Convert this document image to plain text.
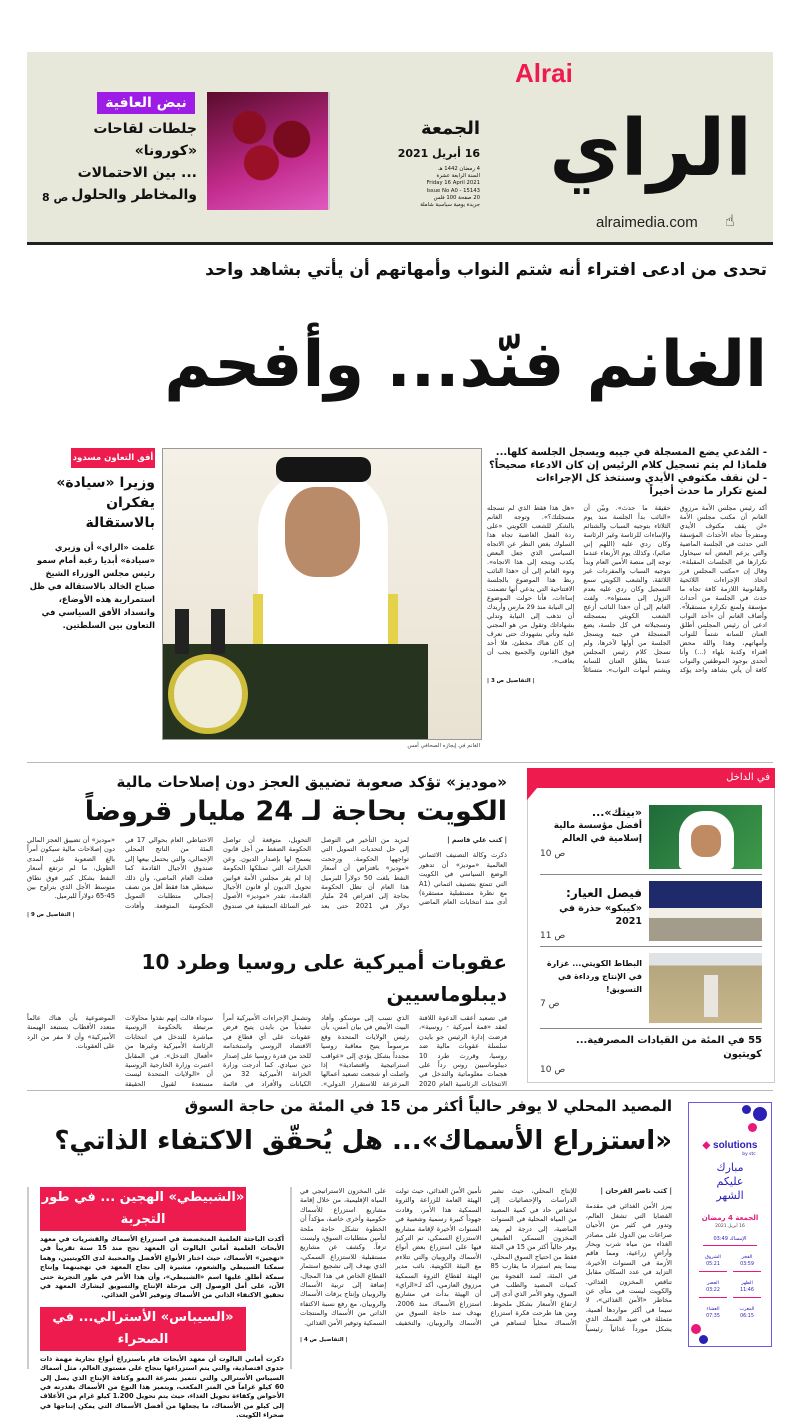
Alrai
الراي
alraimedia.com ☝
الجمعة
16 أبريل 2021
4 رمضان 1442 هـ
السنة الرابعة عشرة
Friday 16 April 2021
Issue No A0 - 15143
20 صفحة 100 فلس
جريدة يومية سياسية شاملة
نبض العافية
جلطات لقاحات «كورونا»
... بين الاحتمالات
والمخاطر والحلول
ص 8
تحدى من ادعى افتراء أنه شتم النواب وأمهاتهم أن يأتي بشاهد واحد
الغانم فنّد... وأفحم
الغانم في إيجازه الصحافي أمس
أفق التعاون مسدود
وزيرا «سيادة»
يفكران
بالاستقالة
علمت «الراي» أن وزيري «سيادة» أبديا رغبة أمام سمو رئيس مجلس الوزراء الشيخ صباح الخالد بالاستقالة في ظل استمرارية هذه الأوضاع، وانسداد الأفق السياسي في التعاون بين السلطتين.
- المُدعي يضع المسجلة في جيبه ويسجل الجلسة كلها...
فلماذا لم يتم تسجيل كلام الرئيس إن كان الادعاء صحيحاً؟
- لن نقف مكتوفي الأيدي وسنتخذ كل الإجراءات
لمنع تكرار ما حدث أخيراً
أكد رئيس مجلس الأمة مرزوق الغانم أن مكتب مجلس الأمة «لن يقف مكتوف الأيدي ومتفرجاً تجاه الأحداث المؤسفة التي حدثت في الجلسة الماضية والتي يزعم البعض أنه سيحاول تكرارها في الجلسات المقبلة». وقال إن «مكتب المجلس قرر اتخاذ الإجراءات اللائحية والقانونية اللازمة كافة تجاه ما حدث في الجلسة من أحداث مؤسفة ولمنع تكراره مستقبلاً». وأضاف الغانم أن «أحد النواب ادعى أن رئيس المجلس أطلق العنان للسانه شتماً للنواب وأمهاتهم، وهذا والله محض افتراء وكذبة بلهاء (...) وأنا أتحدى بوجود الموظفين والنواب كافة أن يأتي بشاهد واحد يؤكد حقيقة ما حدث». وبيّن أن «النائب بدأ الجلسة منذ يوم الثلاثاء بتوجيه السباب والشتائم والإساءات للرئاسة وغير الرئاسة وكان ردي عليه (اللهم إني صائم)، وكذلك يوم الأربعاء عندما توجه إلى منصة الأمين العام وبدأ بتوجيه السباب والمفردات غير اللائقة، والشعب الكويتي سمع التسجيل وكان ردي عليه بعدم النزول إلى مستواه». ولفت الغانم إلى أن «هذا النائب أزعج الشعب الكويتي بمسجلته وتسجيلاته في كل جلسة، يضع المسجلة في جيبه ويسجل الجلسة من أولها لآخرها، ولم تسجل كلام رئيس المجلس عندما يطلق العنان للسانه ويشتم أمهات النواب». متسائلاً «هل هذا فقط الذي لم تسجله مسجلتك؟». وتوجه الغانم بالشكر للشعب الكويتي «على ردة الفعل الغاضبة تجاه هذا السلوك بغض النظر عن الاتجاه السياسي الذي جعل البعض يكذب ويتجه إلى هذا الاتجاه». ونوه الغانم إلى أن «هذا النائب ربط هذا الموضوع بالجلسة الافتتاحية التي يدعي أنها تضمنت إساءات، فأنا حولت الموضوع إلى النيابة منذ 29 مارس وأريدك أن تذهب إلى النيابة وتدلي بشهاداتك وتقول من هو المجني عليه وتأتي بشهودك حتى نعرف إن كان هناك مخطئ، فلا أحد فوق القانون والجميع يجب أن يعاقب».
| التفاصيل ص 3 |
في الداخل
«بيتك»...
أفضل مؤسسة مالية إسلامية في العالم
ص 10
فيصل العيار:
«كيبكو» حذرة في 2021
ص 11
البطاط الكويتي... غزارة
في الإنتاج ورداءة في التسويق!
ص 7
55 في المئة من القيادات المصرفية... كويتيون
ص 10
«موديز» تؤكد صعوبة تضييق العجز دون إصلاحات مالية
الكويت بحاجة لـ 24 مليار قروضاً
| كتب علي قاسم |
ذكرت وكالة التصنيف الائتماني العالمية «موديز» أن تدهور الوضع السياسي في الكويت التي تتمتع بتصنيف ائتماني (A1 مع نظرة مستقبلية مستقرة) أدى منذ انتخابات العام الماضي لمزيد من التأخير في التوصل إلى حل لتحديات التمويل التي تواجهها الحكومة. ورجحت «موديز» بافتراض أن أسعار النفط بلغت 50 دولاراً للبرميل هذا العام أن تظل الحكومة بحاجة إلى اقتراض 24 مليار دولار في 2021 حتى بعد التحويل، متوقعة أن تواصل الحكومة الضغط من أجل قانون يسمح لها بإصدار الديون. وعن الخيارات التي تمتلكها الحكومة إذا لم يقر مجلس الأمة قوانين تحويل الديون أو قانون الأجيال القادمة، تقدر «موديز» الأصول غير السائلة المتبقية في صندوق الاحتياطي العام بحوالي 17 في المئة من الناتج المحلي الإجمالي، والتي يحتمل بيعها إلى صندوق الأجيال القادمة كما فعلت العام الماضي، وأن ذلك سيغطي هذا فقط أقل من نصف إجمالي متطلبات التمويل الحكومية المتوقعة. وأفادت «موديز» أن تضييق العجز المالي دون إصلاحات مالية سيكون أمراً بالغ الصعوبة على المدى الطويل، ما لم ترتفع أسعار النفط بشكل كبير فوق نطاق متوسط الأجل الذي يتراوح بين 45-65 دولاراً للبرميل.
| التفاصيل ص 9 |
عقوبات أميركية على روسيا وطرد 10 ديبلوماسيين
في تصعيد أعقب الدعوة اللافتة لعقد «قمة أميركية - روسية»، فرضت إدارة الرئيس جو بايدن سلسلة عقوبات مالية ضد روسيا، وقررت طرد 10 ديبلوماسيين روس رداً على هجمات معلوماتية والتدخل في الانتخابات الرئاسية العام 2020 الذي نسب إلى موسكو. وأفاد البيت الأبيض في بيان أمس، بأن رئيس الولايات المتحدة وقع مرسوماً يتيح معاقبة روسيا مجدداً بشكل يؤدي إلى «عواقب استراتيجية واقتصادية» إذا واصلت أو شجعت تصعيد أعمالها المزعزعة للاستقرار الدولي». وتشمل الإجراءات الأميركية أمراً تنفيذياً من بايدن يتيح فرض عقوبات على أي قطاع في الاقتصاد الروسي واستخدامه للحد من قدرة روسيا على إصدار دين سيادي. كما أدرجت وزارة الخزانة الأميركية 32 من الكيانات والأفراد في قائمة سوداء قالت إنهم نفذوا محاولات مرتبطة بالحكومة الروسية مباشرة للتدخل في انتخابات الرئاسة الأميركية وغيرها من «أفعال التدخل». في المقابل اعتبرت وزارة الخارجية الروسية أن «الولايات المتحدة ليست مستعدة لقبول الحقيقة الموضوعية بأن هناك عالماً متعدد الأقطاب يستبعد الهيمنة الأميركية» وأن لا مفر من الرد على العقوبات.
المصيد المحلي لا يوفر حالياً أكثر من 15 في المئة من حاجة السوق
«استزراع الأسماك»... هل يُحقّق الاكتفاء الذاتي؟
| كتب ناصر الفرحان |
يبرز الأمن الغذائي في مقدمة القضايا التي تشغل العالم، وتدور في كثير من الأحيان صراعات بين الدول على مصادر الغذاء من مياه شرب وبحار وأراضٍ زراعية، ومما فاقم الأزمة في السنوات الأخيرة، التزايد في عدد السكان مقابل تناقص المخزون الغذائي. والكويت ليست في منأى عن مخاطر «الأمن الغذائي»، لا سيما في أكثر مواردها أهمية، متمثلة في صيد السمك الذي يشكل مورداً غذائياً رئيسياً للإنتاج المحلي، حيث تشير الدراسات والإحصائيات إلى انخفاض حاد في كمية المصيد من المياه المحلية في السنوات الماضية، إلى درجة لم يعد المخزون السمكي الطبيعي يوفر حالياً أكثر من 15 في المئة فقط من احتياج السوق المحلي، بينما يتم استيراد ما يقارب 85 في المئة، لسد الفجوة بين كميات المصيد والطلب في السوق، وهو الأمر الذي أدى إلى ارتفاع الأسعار بشكل ملحوظ. ومن هنا طرحت فكرة استزراع الأسماك محلياً لتساهم في تأمين الأمن الغذائي، حيث تولت الهيئة العامة للزراعة والثروة السمكية هذا الأمر، وقادت جهوداً كبيرة رسمية وشعبية في السنوات الأخيرة لإقامة مشاريع الاستزراع السمكي، تم التركيز فيها على استزراع بعض أنواع الأسماك والروبيان والتي تتلاءم مع البيئة الكويتية. نائب مدير الهيئة لقطاع الثروة السمكية مرزوق العازمي، أكد لـ«الراي» أن الهيئة بدأت في مشاريع استزراع الأسماك منذ 2006، بهدف سد حاجة السوق من الأسماك والروبيان، والتخفيف على المخزون الاستراتيجي في المياه الإقليمية، من خلال إقامة مشاريع استزراع للأسماك حكومية وأخرى خاصة، مؤكداً أن الخطوة تشكل حاجة ملحة لتأمين متطلبات السوق، وليست ترفاً. وكشف عن مشاريع مستقبلية للاستزراع السمكي، الذي يهدف إلى تشجيع استثمار القطاع الخاص في هذا المجال، إضافة إلى تربية الأسماك والروبيان وإنتاج يرقات الأسماك والروبيان، مع رفع نسبة الاكتفاء الذاتي من الأسماك والمنتجات السمكية وتوفير الأمن الغذائي.
| التفاصيل ص 4 |
«الشبيطي» الهجين ... في طور التجربة
أكدت الباحثة العلمية المتخصصة في استزراع الأسماك والقشريات في معهد الأبحاث العلمية أماني اليالوت أن المعهد نجح منذ 15 سنة تقريباً في «تهجين» الأسماك، حيث اختار الأنواع الأفضل والمحببة لدى الكويتيين، وهما سمكتا السبيطي والشعوم، مشيرة إلى نجاح المعهد في تهجينهما وإنتاج سمكة أطلق عليها اسم «الشبيطي»، وأن هذا الأمر في طور التجربة حتى الآن، على أمل الوصول إلى مرحلة الإنتاج والتسويق ليشارك المعهد في تحقيق الاكتفاء الذاتي من الأسماك وتوفير الأمن الغذائي.
«السيباس» الأسترالي... في الصحراء
ذكرت أماني اليالوت أن معهد الأبحاث قام باستزراع أنواع تجارية مهمة ذات جدوى اقتصادية، والتي يتم استزراعها بنجاح على مستوى العالم، مثل أسماك السيباس الأسترالي والتي تتميز بسرعة النمو وكثافة الإنتاج الذي يصل إلى 60 كيلو غراماً في المتر المكعب، ويتميز هذا النوع من الأسماك بقدرته في الأحواض وكفاءة تحويل الغذاء، حيث يتم تحويل 1.200 كيلو غرام من الأعلاف إلى كيلو من الأسماك، ما يجعلها من أفضل الأسماك التي يمكن إنتاجها في صحراء الكويت.
◆ solutions
by stc
مبارك
عليكم
الشهر
الجمعة 4 رمضان
16 أبريل 2021
الإمساك 03:49
الفجر
03:59
الشروق
05:21
الظهر
11:46
العصر
03:22
المغرب
06:15
العشاء
07:35
